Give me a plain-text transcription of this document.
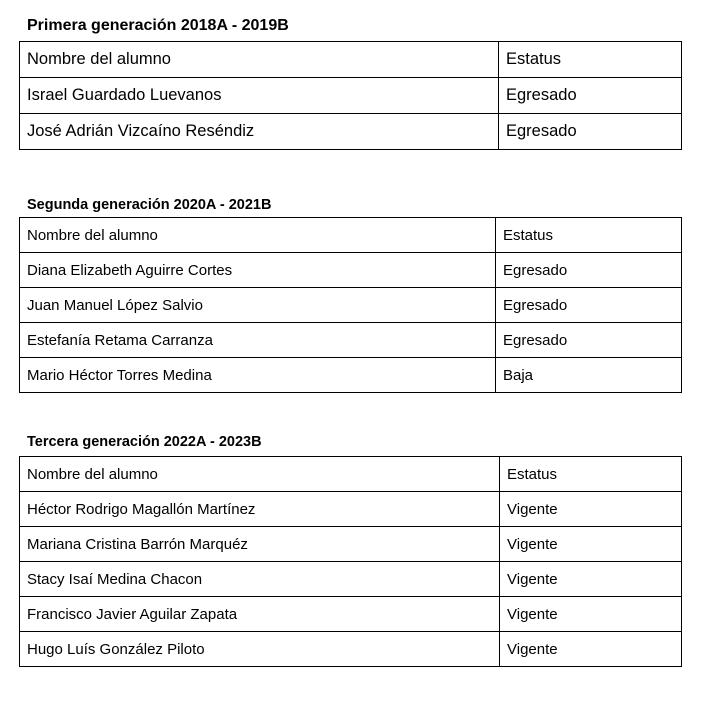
Primera generación 2018A - 2019B
Nombre del alumno	Estatus
Israel Guardado Luevanos	Egresado
José Adrián Vizcaíno Reséndiz	Egresado
Segunda generación 2020A - 2021B
Nombre del alumno	Estatus
Diana Elizabeth Aguirre Cortes	Egresado
Juan Manuel López Salvio	Egresado
Estefanía Retama Carranza	Egresado
Mario Héctor Torres Medina	Baja
Tercera generación 2022A - 2023B
Nombre del alumno	Estatus
Héctor Rodrigo Magallón Martínez	Vigente
Mariana Cristina Barrón Marquéz	Vigente
Stacy Isaí Medina Chacon	Vigente
Francisco Javier Aguilar Zapata	Vigente
Hugo Luís González Piloto	Vigente
